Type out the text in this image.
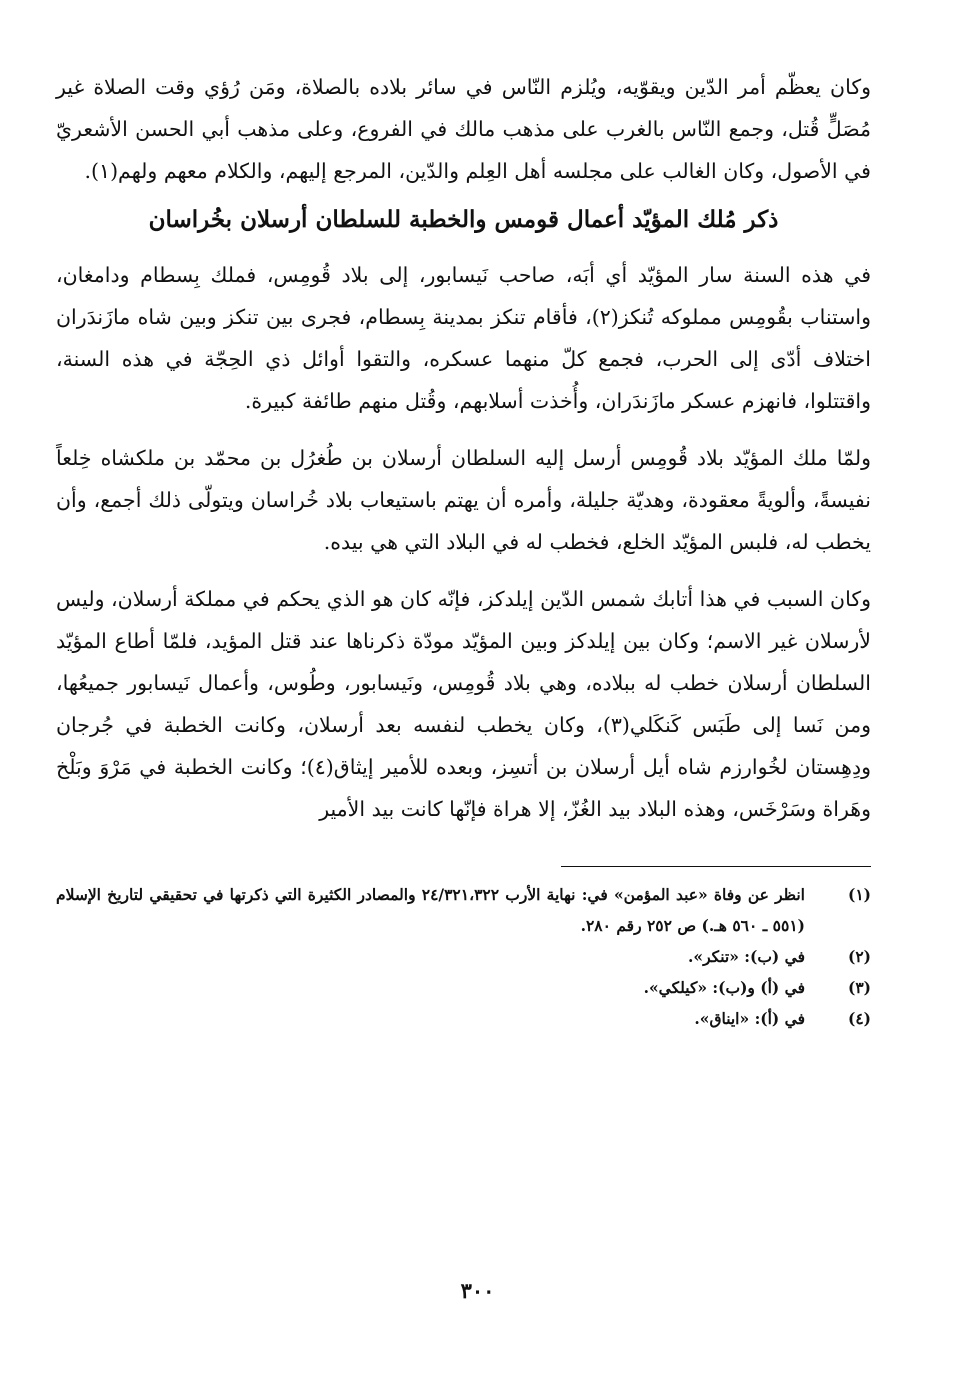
وكان يعظّم أمر الدّين ويقوّيه، ويُلزم النّاس في سائر بلاده بالصلاة، ومَن رُؤي وقت الصلاة غير مُصَلٍّ قُتل، وجمع النّاس بالغرب على مذهب مالك في الفروع، وعلى مذهب أبي الحسن الأشعريّ في الأصول، وكان الغالب على مجلسه أهل العِلم والدّين، المرجع إليهم، والكلام معهم ولهم(١).

ذكر مُلك المؤيّد أعمال قومس والخطبة للسلطان أرسلان بخُراسان

في هذه السنة سار المؤيّد أي أبَه، صاحب نَيسابور، إلى بلاد قُومِس، فملك بِسطام ودامغان، واستناب بقُومِس مملوكه تُنكز(٢)، فأقام تنكز بمدينة بِسطام، فجرى بين تنكز وبين شاه مازَندَران اختلاف أدّى إلى الحرب، فجمع كلّ منهما عسكره، والتقوا أوائل ذي الحِجّة في هذه السنة، واقتتلوا، فانهزم عسكر مازَندَران، وأُخذت أسلابهم، وقُتل منهم طائفة كبيرة.

ولمّا ملك المؤيّد بلاد قُومِس أرسل إليه السلطان أرسلان بن طُغرُل بن محمّد بن ملكشاه خِلعاً نفيسةً، وألويةً معقودة، وهديّة جليلة، وأمره أن يهتم باستيعاب بلاد خُراسان ويتولّى ذلك أجمع، وأن يخطب له، فلبس المؤيّد الخلع، فخطب له في البلاد التي هي بيده.

وكان السبب في هذا أتابك شمس الدّين إيلدكز، فإنّه كان هو الذي يحكم في مملكة أرسلان، وليس لأرسلان غير الاسم؛ وكان بين إيلدكز وبين المؤيّد مودّة ذكرناها عند قتل المؤيد، فلمّا أطاع المؤيّد السلطان أرسلان خطب له ببلاده، وهي بلاد قُومِس، ونَيسابور، وطُوس، وأعمال نَيسابور جميعُها، ومن نَسا إلى طَبَس كَنكَلي(٣)، وكان يخطب لنفسه بعد أرسلان، وكانت الخطبة في جُرجان ودِهِستان لخُوارزم شاه أيل أرسلان بن أتسِز، وبعده للأمير إيثاق(٤)؛ وكانت الخطبة في مَرْوَ وبَلْخ وهَراة وسَرْخَس، وهذه البلاد بيد الغُزّ، إلا هراة فإنّها كانت بيد الأمير

(١)
انظر عن وفاة «عبد المؤمن» في: نهاية الأرب ٢٤/٣٢١،٣٢٢ والمصادر الكثيرة التي ذكرتها في تحقيقي لتاريخ الإسلام (٥٥١ ـ ٥٦٠ هـ.) ص ٢٥٢ رقم ٢٨٠.
(٢)
في (ب): «تنكر».
(٣)
في (أ) و(ب): «كيلكي».
(٤)
في (أ): «ايناق».
٣٠٠
